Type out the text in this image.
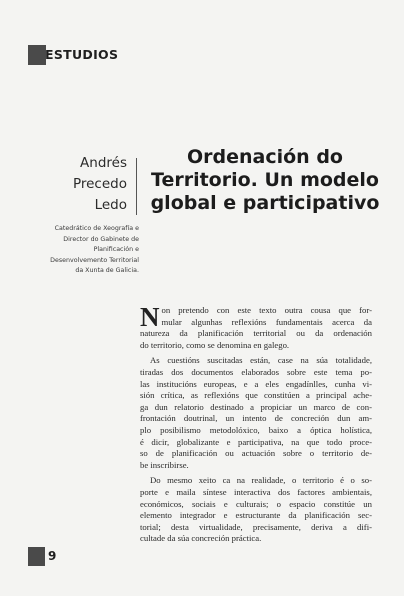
ESTUDIOS
Andrés
Precedo
Ledo
Ordenación do
Territorio. Un modelo
global e participativo
Catedrático de Xeografía e
Director do Gabinete de
Planificación e
Desenvolvemento Territorial
da Xunta de Galicia.
N on pretendo con este texto outra cousa que for-
mular algunhas reflexións fundamentais acerca da
natureza da planificación territorial ou da ordenación
do territorio, como se denomina en galego.
As cuestións suscitadas están, case na súa totalidade,
tiradas dos documentos elaborados sobre este tema po-
las institucións europeas, e a eles engadínlles, cunha vi-
sión crítica, as reflexións que constitúen a principal ache-
ga dun relatorio destinado a propiciar un marco de con-
frontación doutrinal, un intento de concreción dun am-
plo posibilismo metodolóxico, baixo a óptica holística,
é dicir, globalizante e participativa, na que todo proce-
so de planificación ou actuación sobre o territorio de-
be inscribirse.
Do mesmo xeito ca na realidade, o territorio é o so-
porte e maila síntese interactiva dos factores ambientais,
económicos, sociais e culturais; o espacio constitúe un
elemento integrador e estructurante da planificación sec-
torial; desta virtualidade, precisamente, deriva a difi-
cultade da súa concreción práctica.
9
